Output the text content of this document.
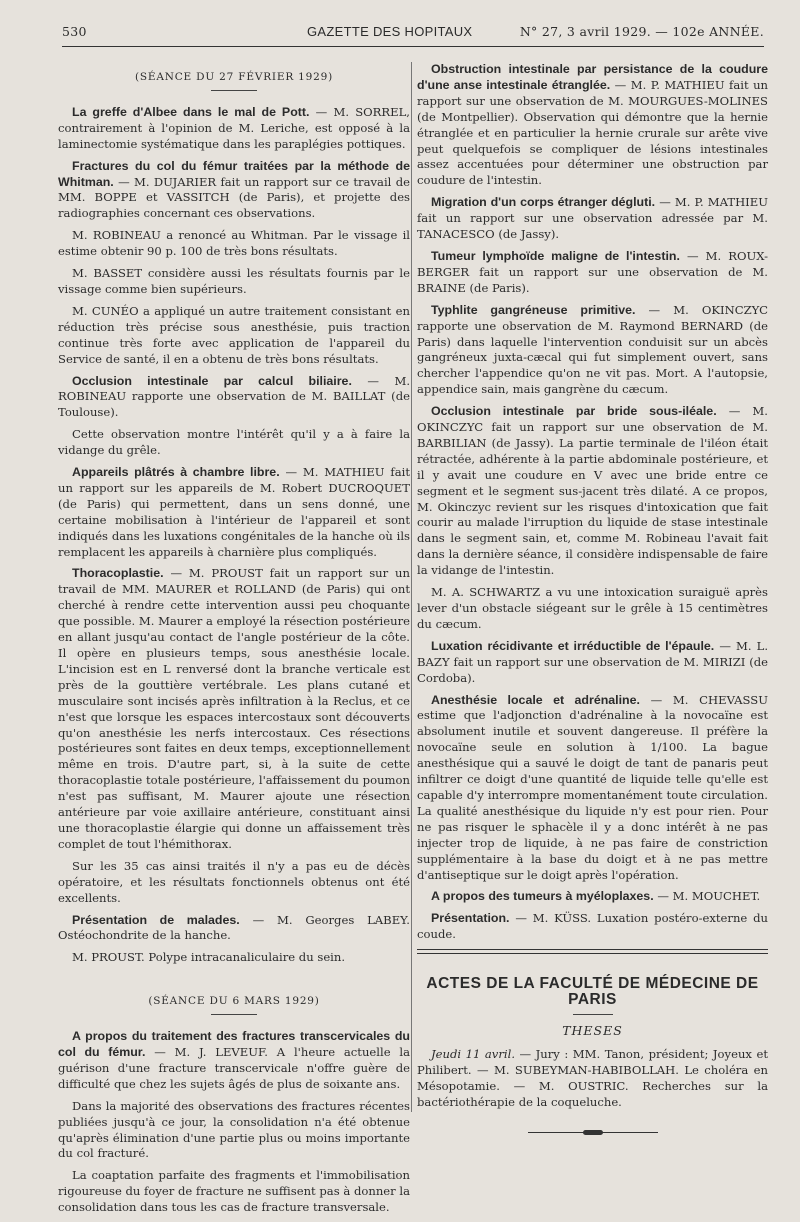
530	GAZETTE DES HOPITAUX	N° 27, 3 avril 1929. — 102e ANNÉE.
(SÉANCE DU 27 FÉVRIER 1929)

La greffe d'Albee dans le mal de Pott. — M. SORREL, contrairement à l'opinion de M. Leriche, est opposé à la laminectomie systématique dans les paraplégies pottiques.

Fractures du col du fémur traitées par la méthode de Whitman. — M. DUJARIER fait un rapport sur ce travail de MM. BOPPE et VASSITCH (de Paris), et projette des radiographies concernant ces observations.

M. ROBINEAU a renoncé au Whitman. Par le vissage il estime obtenir 90 p. 100 de très bons résultats.

M. BASSET considère aussi les résultats fournis par le vissage comme bien supérieurs.

M. CUNÉO a appliqué un autre traitement consistant en réduction très précise sous anesthésie, puis traction continue très forte avec application de l'appareil du Service de santé, il en a obtenu de très bons résultats.

Occlusion intestinale par calcul biliaire. — M. ROBINEAU rapporte une observation de M. BAILLAT (de Toulouse).

Cette observation montre l'intérêt qu'il y a à faire la vidange du grêle.

Appareils plâtrés à chambre libre. — M. MATHIEU fait un rapport sur les appareils de M. Robert DUCROQUET (de Paris) qui permettent, dans un sens donné, une certaine mobilisation à l'intérieur de l'appareil et sont indiqués dans les luxations congénitales de la hanche où ils remplacent les appareils à charnière plus compliqués.

Thoracoplastie. — M. PROUST fait un rapport sur un travail de MM. MAURER et ROLLAND (de Paris) qui ont cherché à rendre cette intervention aussi peu choquante que possible. M. Maurer a employé la résection postérieure en allant jusqu'au contact de l'angle postérieur de la côte. Il opère en plusieurs temps, sous anesthésie locale. L'incision est en L renversé dont la branche verticale est près de la gouttière vertébrale. Les plans cutané et musculaire sont incisés après infiltration à la Reclus, et ce n'est que lorsque les espaces intercostaux sont découverts qu'on anesthésie les nerfs intercostaux. Ces résections postérieures sont faites en deux temps, exceptionnellement même en trois. D'autre part, si, à la suite de cette thoracoplastie totale postérieure, l'affaissement du poumon n'est pas suffisant, M. Maurer ajoute une résection antérieure par voie axillaire antérieure, constituant ainsi une thoracoplastie élargie qui donne un affaissement très complet de tout l'hémithorax.

Sur les 35 cas ainsi traités il n'y a pas eu de décès opératoire, et les résultats fonctionnels obtenus ont été excellents.

Présentation de malades. — M. Georges LABEY. Ostéochondrite de la hanche.

M. PROUST. Polype intracanaliculaire du sein.

(SÉANCE DU 6 MARS 1929)

A propos du traitement des fractures transcervicales du col du fémur. — M. J. LEVEUF. A l'heure actuelle la guérison d'une fracture transcervicale n'offre guère de difficulté que chez les sujets âgés de plus de soixante ans.

Dans la majorité des observations des fractures récentes publiées jusqu'à ce jour, la consolidation n'a été obtenue qu'après élimination d'une partie plus ou moins importante du col fracturé.

La coaptation parfaite des fragments et l'immobilisation rigoureuse du foyer de fracture ne suffisent pas à donner la consolidation dans tous les cas de fracture transversale.

Obstruction intestinale par persistance de la coudure d'une anse intestinale étranglée. — M. P. MATHIEU fait un rapport sur une observation de M. MOURGUES-MOLINES (de Montpellier). Observation qui démontre que la hernie étranglée et en particulier la hernie crurale sur arête vive peut quelquefois se compliquer de lésions intestinales assez accentuées pour déterminer une obstruction par coudure de l'intestin.

Migration d'un corps étranger dégluti. — M. P. MATHIEU fait un rapport sur une observation adressée par M. TANACESCO (de Jassy).

Tumeur lymphoïde maligne de l'intestin. — M. ROUX-BERGER fait un rapport sur une observation de M. BRAINE (de Paris).

Typhlite gangréneuse primitive. — M. OKINCZYC rapporte une observation de M. Raymond BERNARD (de Paris) dans laquelle l'intervention conduisit sur un abcès gangréneux juxta-cæcal qui fut simplement ouvert, sans chercher l'appendice qu'on ne vit pas. Mort. A l'autopsie, appendice sain, mais gangrène du cæcum.

Occlusion intestinale par bride sous-iléale. — M. OKINCZYC fait un rapport sur une observation de M. BARBILIAN (de Jassy). La partie terminale de l'iléon était rétractée, adhérente à la partie abdominale postérieure, et il y avait une coudure en V avec une bride entre ce segment et le segment sus-jacent très dilaté. A ce propos, M. Okinczyc revient sur les risques d'intoxication que fait courir au malade l'irruption du liquide de stase intestinale dans le segment sain, et, comme M. Robineau l'avait fait dans la dernière séance, il considère indispensable de faire la vidange de l'intestin.

M. A. SCHWARTZ a vu une intoxication suraiguë après lever d'un obstacle siégeant sur le grêle à 15 centimètres du cæcum.

Luxation récidivante et irréductible de l'épaule. — M. L. BAZY fait un rapport sur une observation de M. MIRIZI (de Cordoba).

Anesthésie locale et adrénaline. — M. CHEVASSU estime que l'adjonction d'adrénaline à la novocaïne est absolument inutile et souvent dangereuse. Il préfère la novocaïne seule en solution à 1/100. La bague anesthésique qui a sauvé le doigt de tant de panaris peut infiltrer ce doigt d'une quantité de liquide telle qu'elle est capable d'y interrompre momentanément toute circulation. La qualité anesthésique du liquide n'y est pour rien. Pour ne pas risquer le sphacèle il y a donc intérêt à ne pas injecter trop de liquide, à ne pas faire de constriction supplémentaire à la base du doigt et à ne pas mettre d'antiseptique sur le doigt après l'opération.

A propos des tumeurs à myéloplaxes. — M. MOUCHET.

Présentation. — M. KÜSS. Luxation postéro-externe du coude.

ACTES DE LA FACULTÉ DE MÉDECINE DE PARIS
THESES

Jeudi 11 avril. — Jury : MM. Tanon, président; Joyeux et Philibert. — M. SUBEYMAN-HABIBOLLAH. Le choléra en Mésopotamie. — M. OUSTRIC. Recherches sur la bactériothérapie de la coqueluche.
